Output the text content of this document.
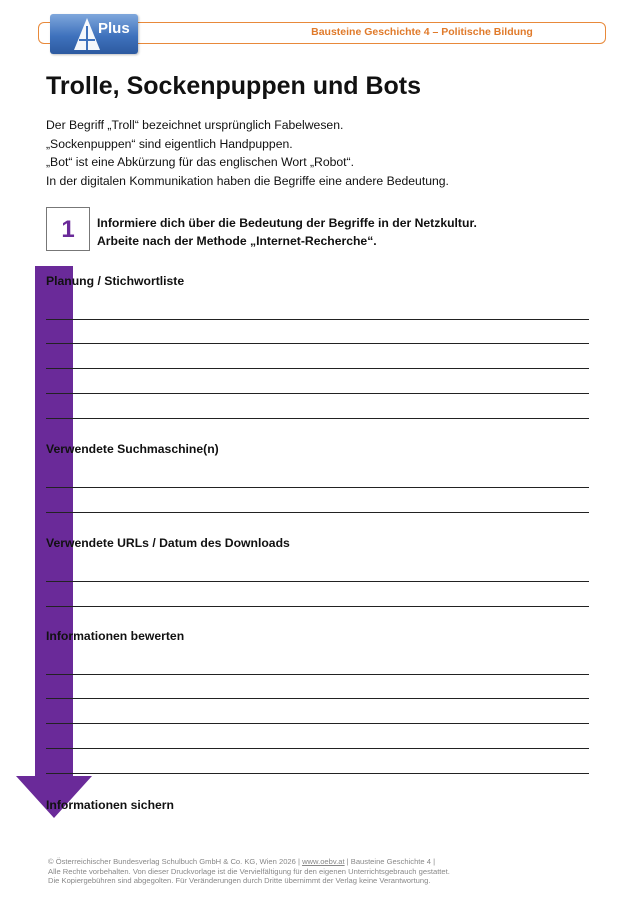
Bausteine Geschichte 4 – Politische Bildung
Plus
Trolle, Sockenpuppen und Bots
Der Begriff „Troll“ bezeichnet ursprünglich Fabelwesen.
„Sockenpuppen“ sind eigentlich Handpuppen.
„Bot“ ist eine Abkürzung für das englischen Wort „Robot“.
In der digitalen Kommunikation haben die Begriffe eine andere Bedeutung.
1	Informiere dich über die Bedeutung der Begriffe in der Netzkultur.
Arbeite nach der Methode „Internet-Recherche“.
Planung / Stichwortliste
Verwendete Suchmaschine(n)
Verwendete URLs / Datum des Downloads
Informationen bewerten
Informationen sichern
© Österreichischer Bundesverlag Schulbuch GmbH & Co. KG, Wien 2026 | www.oebv.at | Bausteine Geschichte 4 |
Alle Rechte vorbehalten. Von dieser Druckvorlage ist die Vervielfältigung für den eigenen Unterrichtsgebrauch gestattet.
Die Kopiergebühren sind abgegolten. Für Veränderungen durch Dritte übernimmt der Verlag keine Verantwortung.
